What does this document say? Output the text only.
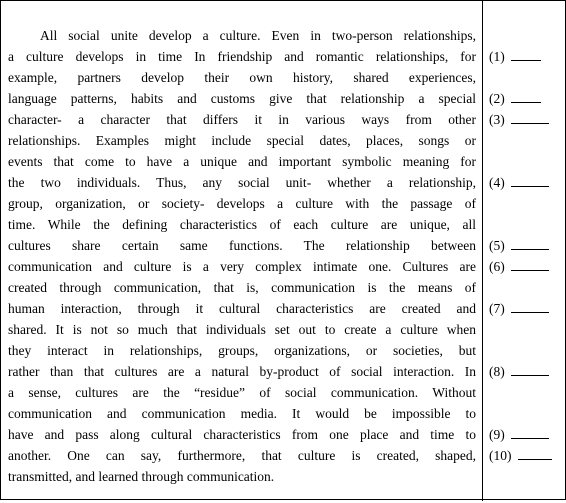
All social unite develop a culture. Even in two-person relationships,
a culture develops in time In friendship and romantic relationships, for
example, partners develop their own history, shared experiences,
language patterns, habits and customs give that relationship a special
character- a character that differs it in various ways from other
relationships. Examples might include special dates, places, songs or
events that come to have a unique and important symbolic meaning for
the two individuals. Thus, any social unit- whether a relationship,
group, organization, or society- develops a culture with the passage of
time. While the defining characteristics of each culture are unique, all
cultures share certain same functions. The relationship between
communication and culture is a very complex intimate one. Cultures are
created through communication, that is, communication is the means of
human interaction, through it cultural characteristics are created and
shared. It is not so much that individuals set out to create a culture when
they interact in relationships, groups, organizations, or societies, but
rather than that cultures are a natural by-product of social interaction. In
a sense, cultures are the “residue” of social communication. Without
communication and communication media. It would be impossible to
have and pass along cultural characteristics from one place and time to
another. One can say, furthermore, that culture is created, shaped,
transmitted, and learned through communication.
(1)
(2)
(3)
(4)
(5)
(6)
(7)
(8)
(9)
(10)
